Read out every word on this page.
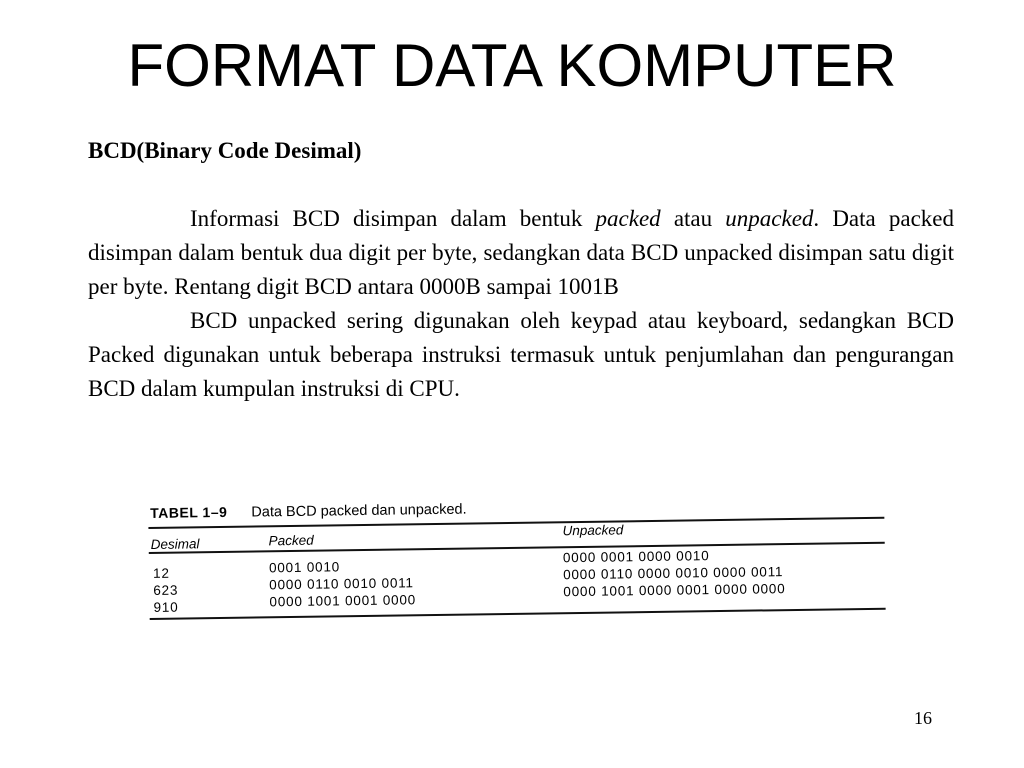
FORMAT DATA KOMPUTER
BCD(Binary Code Desimal)

Informasi BCD disimpan dalam bentuk packed atau unpacked. Data packed disimpan dalam bentuk dua digit per byte, sedangkan data BCD unpacked disimpan satu digit per byte. Rentang digit BCD antara 0000B sampai 1001B

BCD unpacked sering digunakan oleh keypad atau keyboard, sedangkan BCD Packed digunakan untuk beberapa instruksi termasuk untuk penjumlahan dan pengurangan BCD dalam kumpulan instruksi di CPU.

TABEL 1–9 Data BCD packed dan unpacked.
Desimal	Packed
Unpacked
12
623
910
0001 0010
0000 0110 0010 0011
0000 1001 0001 0000
0000 0001 0000 0010
0000 0110 0000 0010 0000 0011
0000 1001 0000 0001 0000 0000
16
